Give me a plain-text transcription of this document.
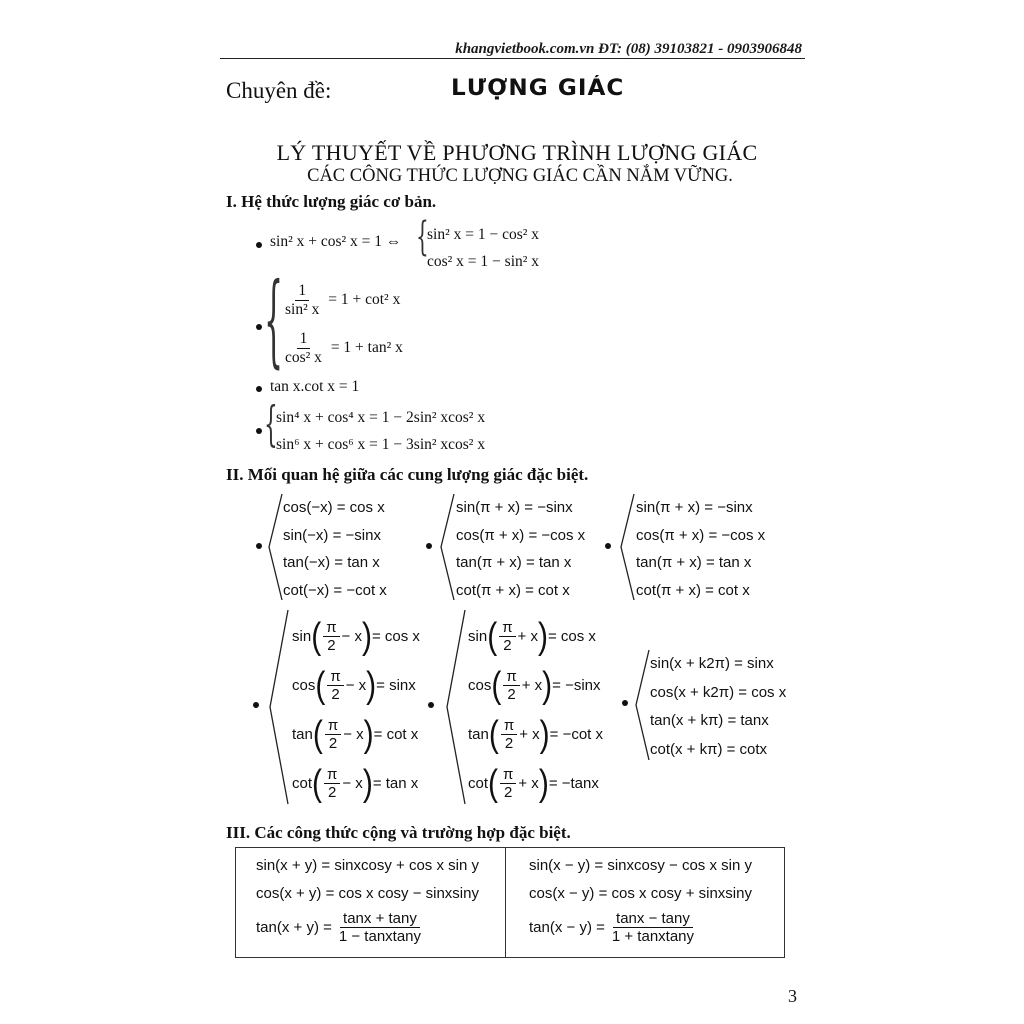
khangvietbook.com.vn ĐT: (08) 39103821 - 0903906848
Chuyên đề:	LƯỢNG GIÁC
LÝ THUYẾT VỀ PHƯƠNG TRÌNH LƯỢNG GIÁC
CÁC CÔNG THỨC LƯỢNG GIÁC CẦN NẮM VỮNG.
I. Hệ thức lượng giác cơ bản.
sin² x + cos² x = 1 ⇔ {
sin² x = 1 − cos² x
cos² x = 1 − sin² x
{
$\frac{1}{\text{sin² x}} = 1 + \cot^2$ x
$\frac{1}{\text{cos² x}} = 1 + \tan^2$ x
tan x.cot x = 1
{
sin⁴ x + cos⁴ x = 1 − 2sin² xcos² x
sin⁶ x + cos⁶ x = 1 − 3sin² xcos² x
II. Mối quan hệ giữa các cung lượng giác đặc biệt.
cos(−x) = cos x
sin(−x) = −sinx
tan(−x) = tan x
cot(−x) = −cot x
sin(π + x) = −sinx
cos(π + x) = −cos x
tan(π + x) = tan x
cot(π + x) = cot x
sin(π + x) = −sinx
cos(π + x) = −cos x
tan(π + x) = tan x
cot(π + x) = cot x
sin ( $\frac{\pi}{2} - x$ ) = cos x
cos ( $\frac{\pi}{2} - x$ ) = sinx
tan ( $\frac{\pi}{2} - x$ ) = cot x
cot ( $\frac{\pi}{2} - x$ ) = tan x
sin ( $\frac{\pi}{2} + x$ ) = cos x
cos ( $\frac{\pi}{2} + x$ ) = −sinx
tan ( $\frac{\pi}{2} + x$ ) = −cot x
cot ( $\frac{\pi}{2} + x$ ) = −tanx
sin(x + k2π) = sinx
cos(x + k2π) = cos x
tan(x + kπ) = tanx
cot(x + kπ) = cotx
III. Các công thức cộng và trường hợp đặc biệt.
sin(x + y) = sinxcosy + cos x sin y
cos(x + y) = cos x cosy − sinxsiny
$\tan(x + y) = \frac{\tan x + \tan y}{\text{1 − tanxtany}}$
sin(x − y) = sinxcosy − cos x sin y
cos(x − y) = cos x cosy + sinxsiny
$\tan(x - y) = \frac{\tan x - \tan y}{\text{1 + tanxtany}}$
3
